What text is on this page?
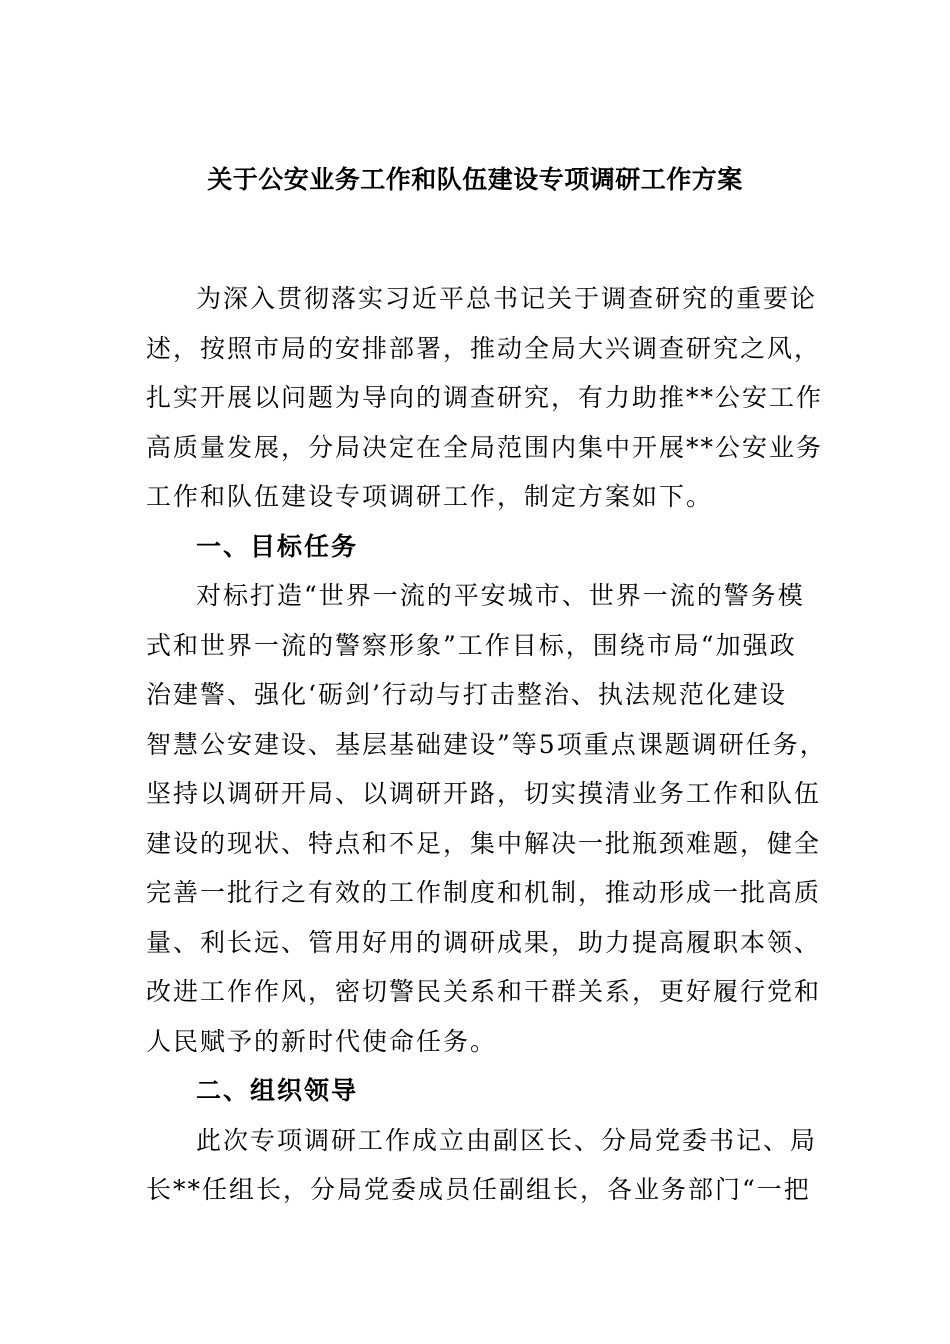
关于公安业务工作和队伍建设专项调研工作方案

为深入贯彻落实习近平总书记关于调查研究的重要论
述，按照市局的安排部署，推动全局大兴调查研究之风，
扎实开展以问题为导向的调查研究，有力助推**公安工作
高质量发展，分局决定在全局范围内集中开展**公安业务
工作和队伍建设专项调研工作，制定方案如下。

一、目标任务

对标打造“世界一流的平安城市、世界一流的警务模
式和世界一流的警察形象”工作目标，围绕市局“加强政
治建警、强化‘砺剑’行动与打击整治、执法规范化建设
智慧公安建设、基层基础建设”等5项重点课题调研任务，
坚持以调研开局、以调研开路，切实摸清业务工作和队伍
建设的现状、特点和不足，集中解决一批瓶颈难题，健全
完善一批行之有效的工作制度和机制，推动形成一批高质
量、利长远、管用好用的调研成果，助力提高履职本领、
改进工作作风，密切警民关系和干群关系，更好履行党和
人民赋予的新时代使命任务。

二、组织领导

此次专项调研工作成立由副区长、分局党委书记、局
长**任组长，分局党委成员任副组长，各业务部门“一把
